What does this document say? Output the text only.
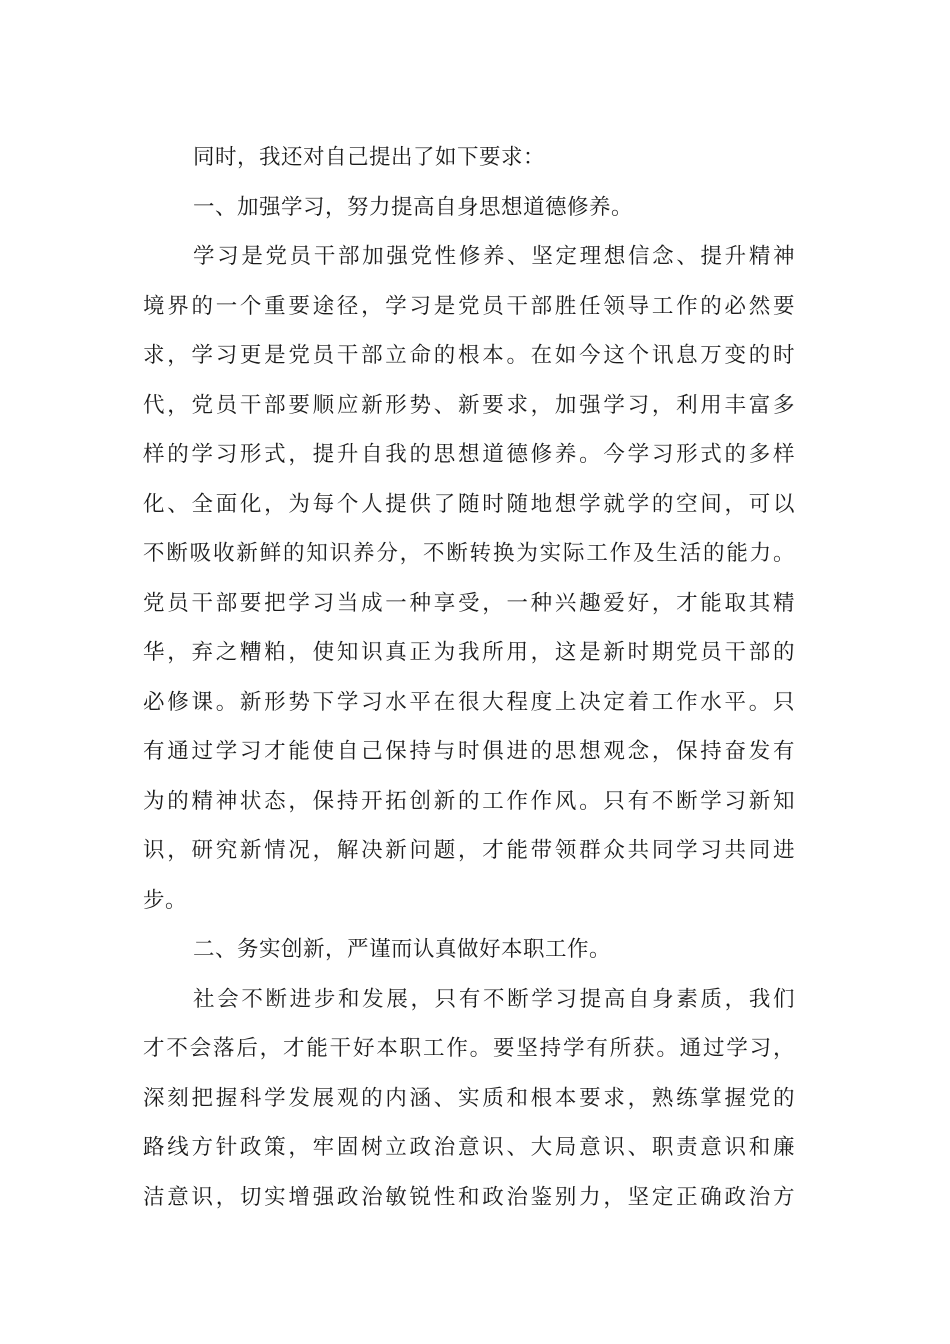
同时，我还对自己提出了如下要求：
一、加强学习，努力提高自身思想道德修养。
学习是党员干部加强党性修养、坚定理想信念、提升精神
境界的一个重要途径，学习是党员干部胜任领导工作的必然要
求，学习更是党员干部立命的根本。在如今这个讯息万变的时
代，党员干部要顺应新形势、新要求，加强学习，利用丰富多
样的学习形式，提升自我的思想道德修养。今学习形式的多样
化、全面化，为每个人提供了随时随地想学就学的空间，可以
不断吸收新鲜的知识养分，不断转换为实际工作及生活的能力。
党员干部要把学习当成一种享受，一种兴趣爱好，才能取其精
华，弃之糟粕，使知识真正为我所用，这是新时期党员干部的
必修课。新形势下学习水平在很大程度上决定着工作水平。只
有通过学习才能使自己保持与时俱进的思想观念，保持奋发有
为的精神状态，保持开拓创新的工作作风。只有不断学习新知
识，研究新情况，解决新问题，才能带领群众共同学习共同进
步。
二、务实创新，严谨而认真做好本职工作。
社会不断进步和发展，只有不断学习提高自身素质，我们
才不会落后，才能干好本职工作。要坚持学有所获。通过学习，
深刻把握科学发展观的内涵、实质和根本要求，熟练掌握党的
路线方针政策，牢固树立政治意识、大局意识、职责意识和廉
洁意识，切实增强政治敏锐性和政治鉴别力，坚定正确政治方
